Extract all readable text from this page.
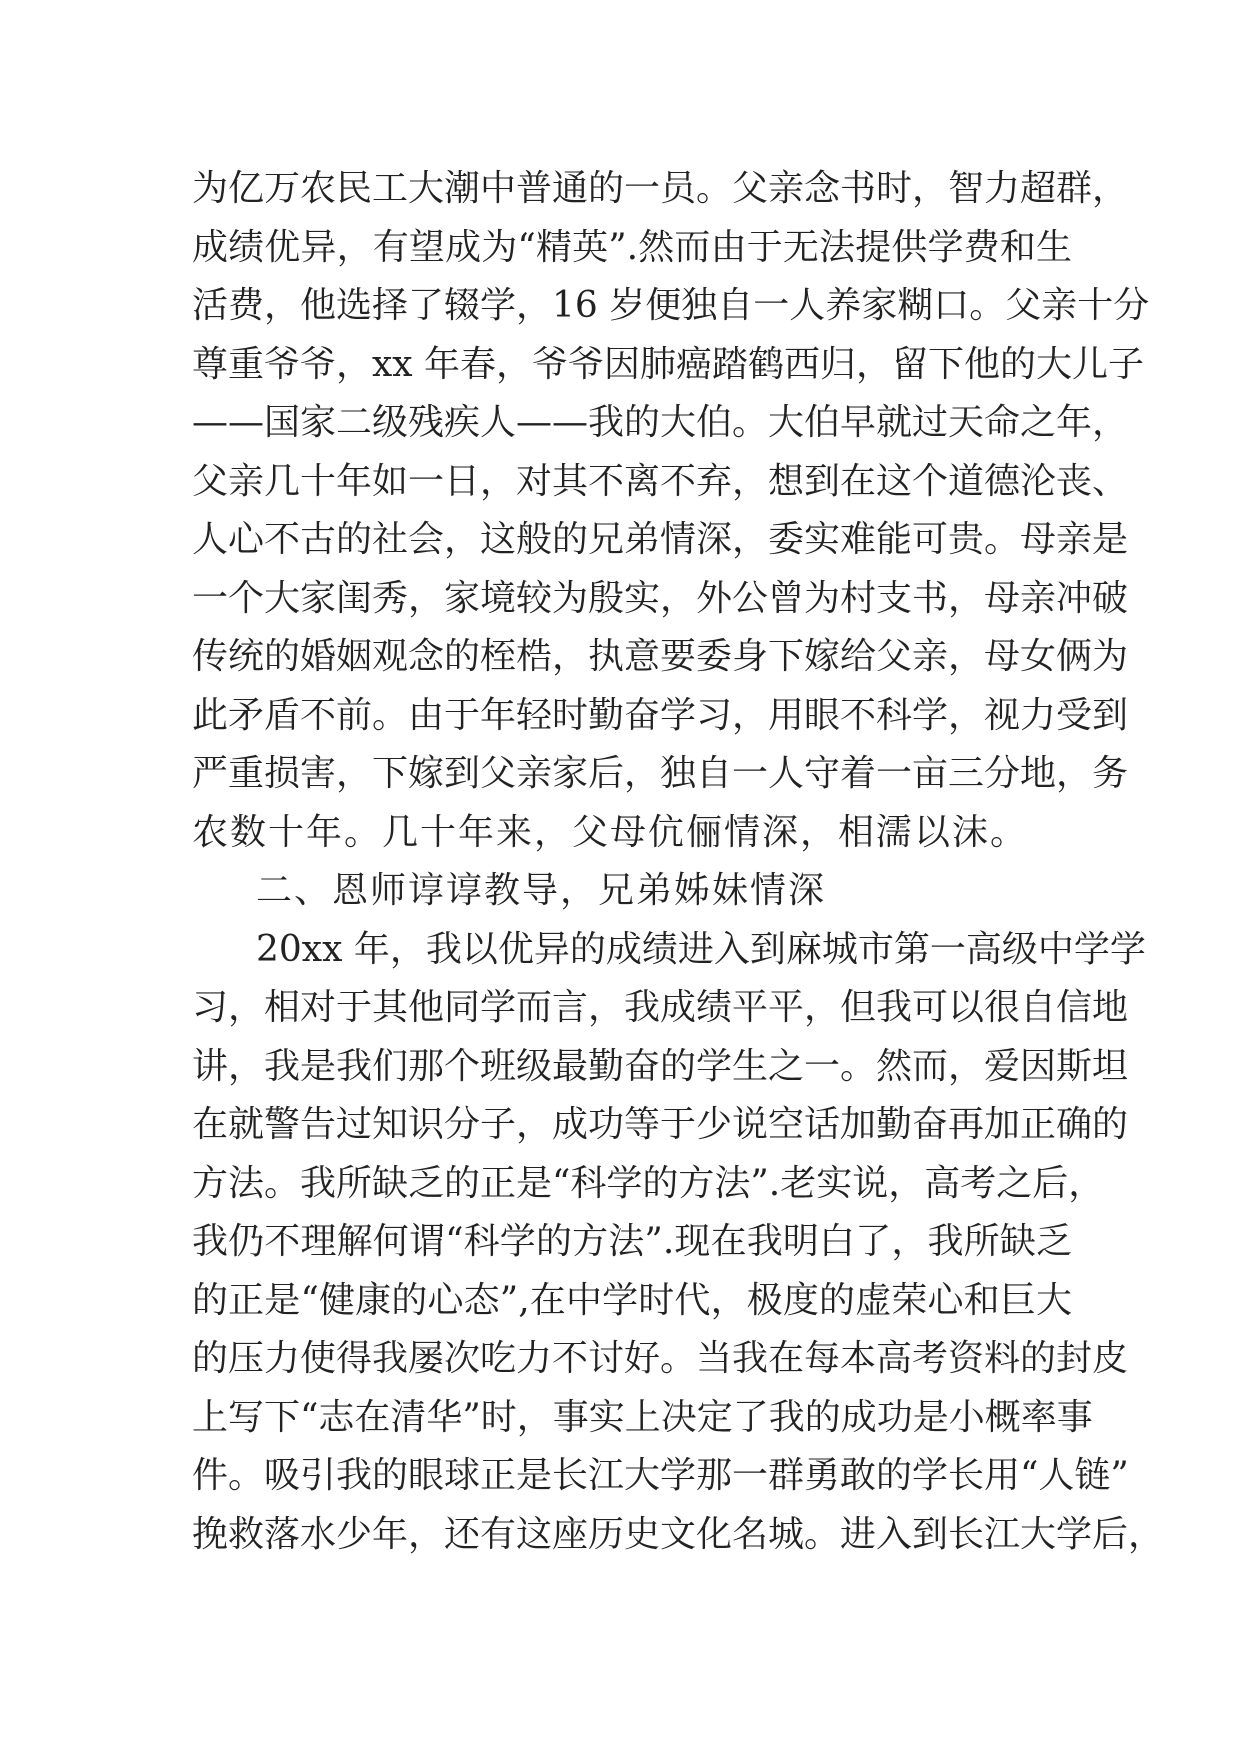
为亿万农民工大潮中普通的一员。父亲念书时，智力超群，
成绩优异，有望成为“精英”.然而由于无法提供学费和生
活费，他选择了辍学，16 岁便独自一人养家糊口。父亲十分
尊重爷爷，xx 年春，爷爷因肺癌踏鹤西归，留下他的大儿子
——国家二级残疾人——我的大伯。大伯早就过天命之年，
父亲几十年如一日，对其不离不弃，想到在这个道德沦丧、
人心不古的社会，这般的兄弟情深，委实难能可贵。母亲是
一个大家闺秀，家境较为殷实，外公曾为村支书，母亲冲破
传统的婚姻观念的桎梏，执意要委身下嫁给父亲，母女俩为
此矛盾不前。由于年轻时勤奋学习，用眼不科学，视力受到
严重损害，下嫁到父亲家后，独自一人守着一亩三分地，务
农数十年。几十年来，父母伉俪情深，相濡以沫。
二、恩师谆谆教导，兄弟姊妹情深
20xx 年，我以优异的成绩进入到麻城市第一高级中学学
习，相对于其他同学而言，我成绩平平，但我可以很自信地
讲，我是我们那个班级最勤奋的学生之一。然而，爱因斯坦
在就警告过知识分子，成功等于少说空话加勤奋再加正确的
方法。我所缺乏的正是“科学的方法”.老实说，高考之后，
我仍不理解何谓“科学的方法”.现在我明白了，我所缺乏
的正是“健康的心态”,在中学时代，极度的虚荣心和巨大
的压力使得我屡次吃力不讨好。当我在每本高考资料的封皮
上写下“志在清华”时，事实上决定了我的成功是小概率事
件。吸引我的眼球正是长江大学那一群勇敢的学长用“人链”
挽救落水少年，还有这座历史文化名城。进入到长江大学后，
